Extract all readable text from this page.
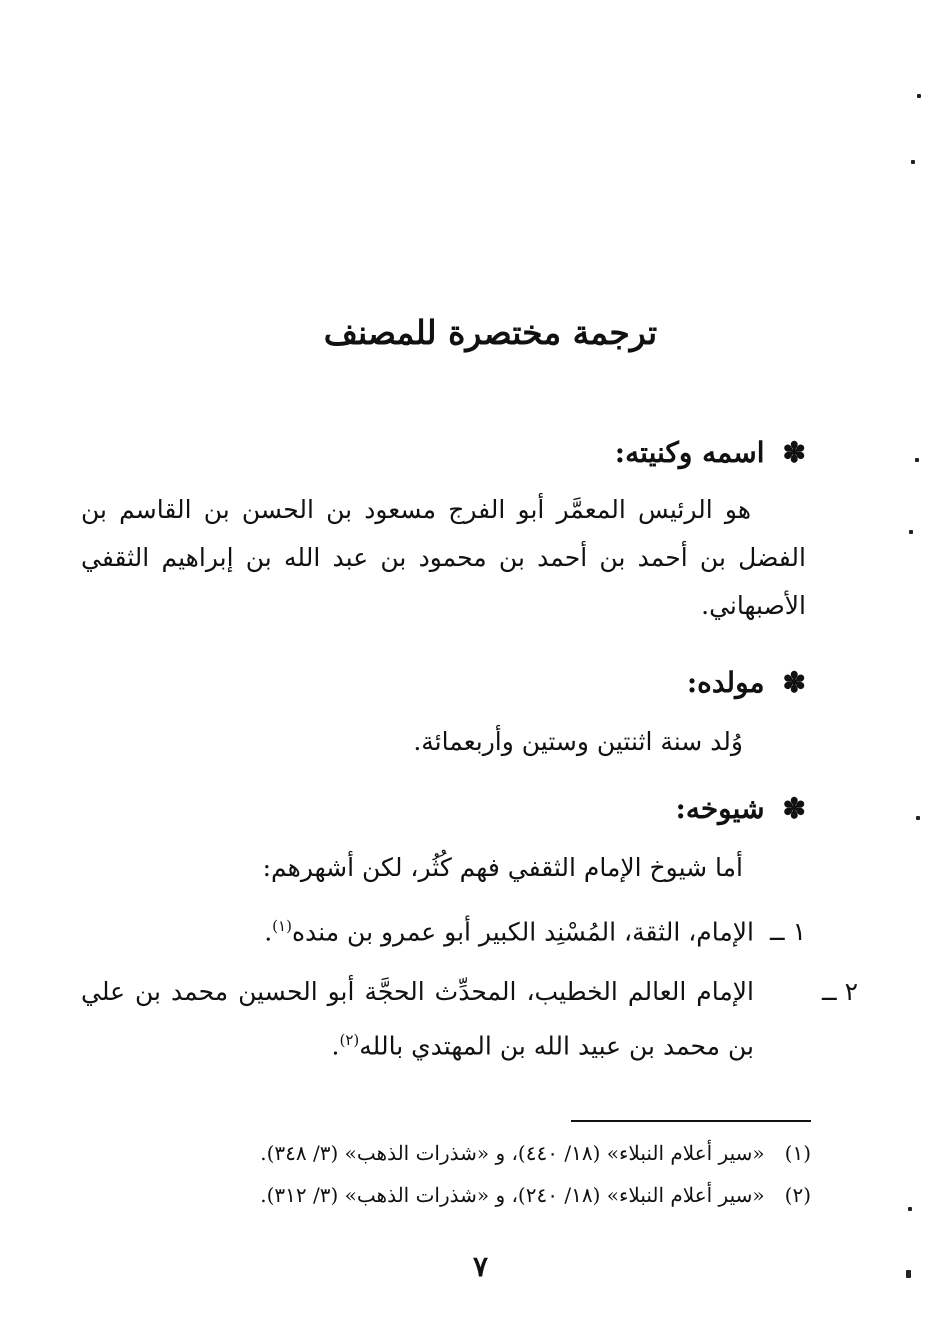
ترجمة مختصرة للمصنف
✽اسمه وكنيته:
هو الرئيس المعمَّر أبو الفرج مسعود بن الحسن بن القاسم بن الفضل بن أحمد بن أحمد بن محمود بن عبد الله بن إبراهيم الثقفي الأصبهاني.
✽مولده:
وُلد سنة اثنتين وستين وأربعمائة.
✽شيوخه:
أما شيوخ الإمام الثقفي فهم كُثُر، لكن أشهرهم:
١ ــالإمام، الثقة، المُسْنِد الكبير أبو عمرو بن منده$^{(١)}$.
٢ ــالإمام العالم الخطيب، المحدِّث الحجَّة أبو الحسين محمد بن علي بن محمد بن عبيد الله بن المهتدي بالله$^{(٢)}$.
(١)«سير أعلام النبلاء» (١٨/ ٤٤٠)، و «شذرات الذهب» (٣/ ٣٤٨).
(٢)«سير أعلام النبلاء» (١٨/ ٢٤٠)، و «شذرات الذهب» (٣/ ٣١٢).
٧
